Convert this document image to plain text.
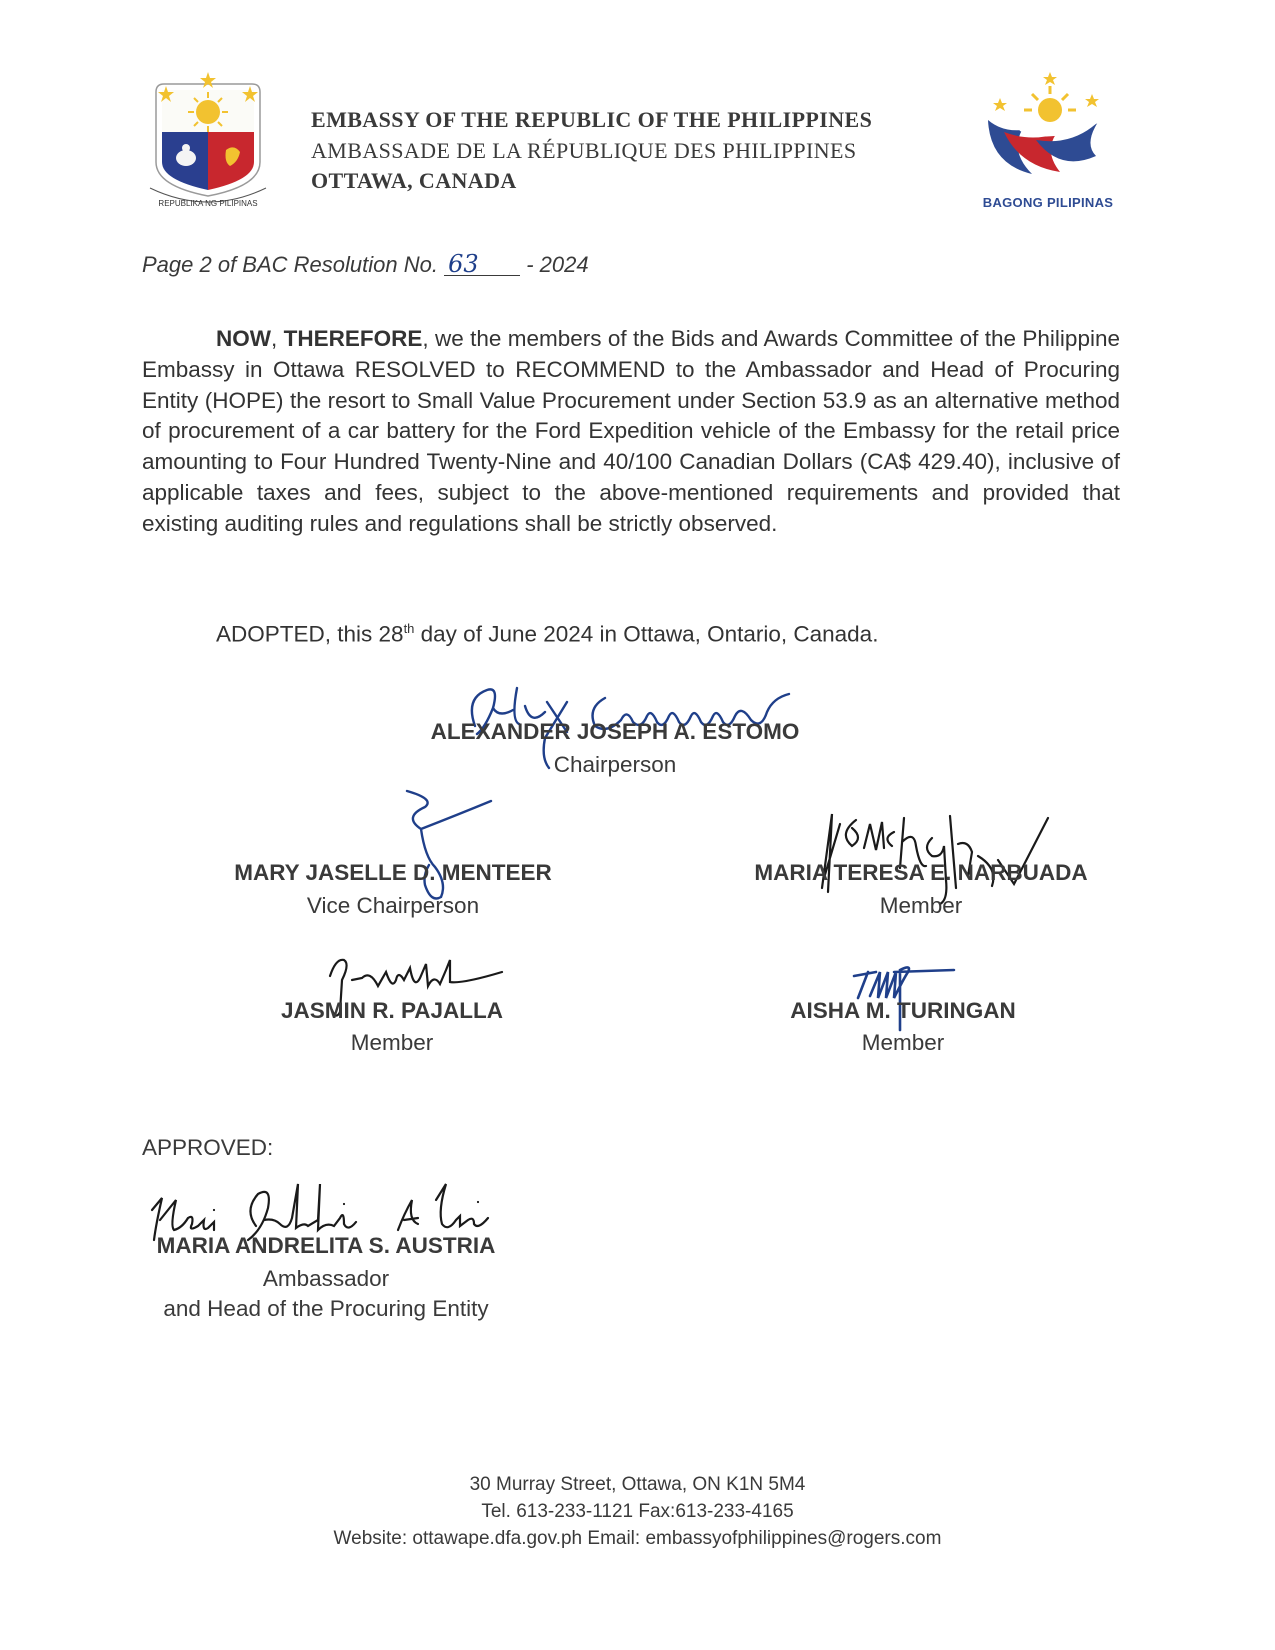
REPUBLIKA NG PILIPINAS
EMBASSY OF THE REPUBLIC OF THE PHILIPPINES
AMBASSADE DE LA RÉPUBLIQUE DES PHILIPPINES
OTTAWA, CANADA
BAGONG PILIPINAS
Page 2 of BAC Resolution No. 63 - 2024
NOW, THEREFORE, we the members of the Bids and Awards Committee of the Philippine Embassy in Ottawa RESOLVED to RECOMMEND to the Ambassador and Head of Procuring Entity (HOPE) the resort to Small Value Procurement under Section 53.9 as an alternative method of procurement of a car battery for the Ford Expedition vehicle of the Embassy for the retail price amounting to Four Hundred Twenty-Nine and 40/100 Canadian Dollars (CA$ 429.40), inclusive of applicable taxes and fees, subject to the above-mentioned requirements and provided that existing auditing rules and regulations shall be strictly observed.
ADOPTED, this 28th day of June 2024 in Ottawa, Ontario, Canada.
ALEXANDER JOSEPH A. ESTOMO
Chairperson
MARY JASELLE D. MENTEER
Vice Chairperson
MARIA TERESA E. NARBUADA
Member
JASMIN R. PAJALLA
Member
AISHA M. TURINGAN
Member
APPROVED:
MARIA ANDRELITA S. AUSTRIA
Ambassador
and Head of the Procuring Entity
30 Murray Street, Ottawa, ON K1N 5M4
Tel. 613-233-1121 Fax:613-233-4165
Website: ottawape.dfa.gov.ph Email: embassyofphilippines@rogers.com
